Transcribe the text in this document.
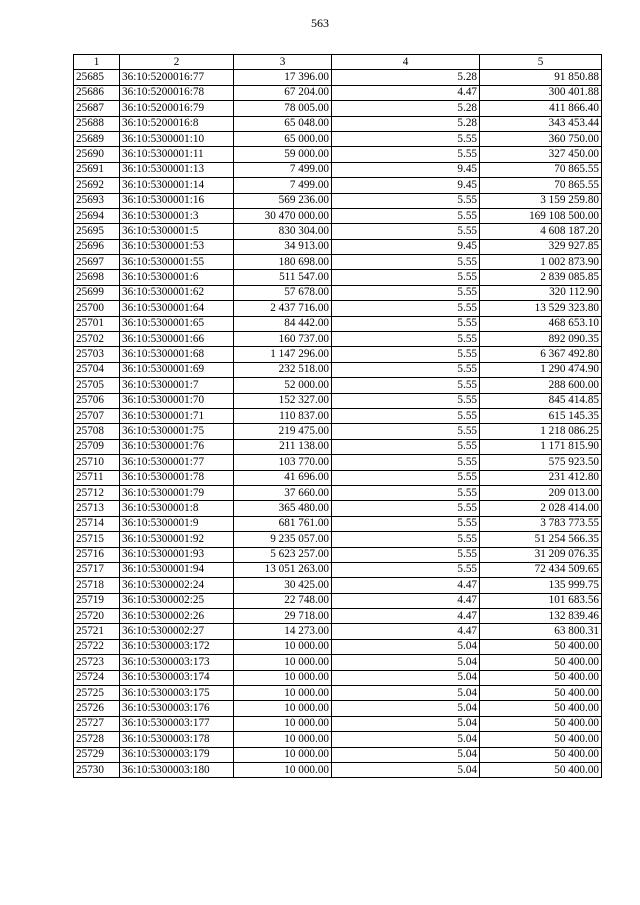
563
1	2	3	4	5
25685	36:10:5200016:77	17 396.00	5.28	91 850.88
25686	36:10:5200016:78	67 204.00	4.47	300 401.88
25687	36:10:5200016:79	78 005.00	5.28	411 866.40
25688	36:10:5200016:8	65 048.00	5.28	343 453.44
25689	36:10:5300001:10	65 000.00	5.55	360 750.00
25690	36:10:5300001:11	59 000.00	5.55	327 450.00
25691	36:10:5300001:13	7 499.00	9.45	70 865.55
25692	36:10:5300001:14	7 499.00	9.45	70 865.55
25693	36:10:5300001:16	569 236.00	5.55	3 159 259.80
25694	36:10:5300001:3	30 470 000.00	5.55	169 108 500.00
25695	36:10:5300001:5	830 304.00	5.55	4 608 187.20
25696	36:10:5300001:53	34 913.00	9.45	329 927.85
25697	36:10:5300001:55	180 698.00	5.55	1 002 873.90
25698	36:10:5300001:6	511 547.00	5.55	2 839 085.85
25699	36:10:5300001:62	57 678.00	5.55	320 112.90
25700	36:10:5300001:64	2 437 716.00	5.55	13 529 323.80
25701	36:10:5300001:65	84 442.00	5.55	468 653.10
25702	36:10:5300001:66	160 737.00	5.55	892 090.35
25703	36:10:5300001:68	1 147 296.00	5.55	6 367 492.80
25704	36:10:5300001:69	232 518.00	5.55	1 290 474.90
25705	36:10:5300001:7	52 000.00	5.55	288 600.00
25706	36:10:5300001:70	152 327.00	5.55	845 414.85
25707	36:10:5300001:71	110 837.00	5.55	615 145.35
25708	36:10:5300001:75	219 475.00	5.55	1 218 086.25
25709	36:10:5300001:76	211 138.00	5.55	1 171 815.90
25710	36:10:5300001:77	103 770.00	5.55	575 923.50
25711	36:10:5300001:78	41 696.00	5.55	231 412.80
25712	36:10:5300001:79	37 660.00	5.55	209 013.00
25713	36:10:5300001:8	365 480.00	5.55	2 028 414.00
25714	36:10:5300001:9	681 761.00	5.55	3 783 773.55
25715	36:10:5300001:92	9 235 057.00	5.55	51 254 566.35
25716	36:10:5300001:93	5 623 257.00	5.55	31 209 076.35
25717	36:10:5300001:94	13 051 263.00	5.55	72 434 509.65
25718	36:10:5300002:24	30 425.00	4.47	135 999.75
25719	36:10:5300002:25	22 748.00	4.47	101 683.56
25720	36:10:5300002:26	29 718.00	4.47	132 839.46
25721	36:10:5300002:27	14 273.00	4.47	63 800.31
25722	36:10:5300003:172	10 000.00	5.04	50 400.00
25723	36:10:5300003:173	10 000.00	5.04	50 400.00
25724	36:10:5300003:174	10 000.00	5.04	50 400.00
25725	36:10:5300003:175	10 000.00	5.04	50 400.00
25726	36:10:5300003:176	10 000.00	5.04	50 400.00
25727	36:10:5300003:177	10 000.00	5.04	50 400.00
25728	36:10:5300003:178	10 000.00	5.04	50 400.00
25729	36:10:5300003:179	10 000.00	5.04	50 400.00
25730	36:10:5300003:180	10 000.00	5.04	50 400.00
